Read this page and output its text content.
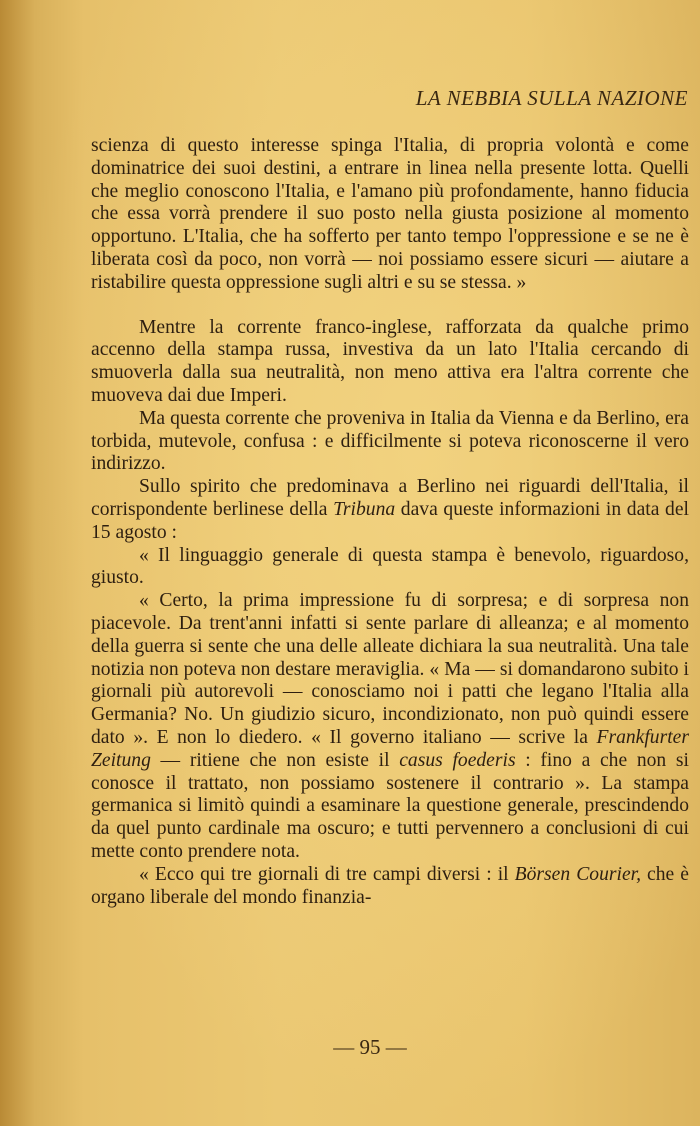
LA NEBBIA SULLA NAZIONE

scienza di questo interesse spinga l'Italia, di propria volontà e come dominatrice dei suoi destini, a entrare in linea nella presente lotta. Quelli che meglio conoscono l'Italia, e l'amano più profondamente, hanno fiducia che essa vorrà prendere il suo posto nella giusta posizione al momento opportuno. L'Italia, che ha sofferto per tanto tempo l'oppressione e se ne è liberata così da poco, non vorrà — noi possiamo essere sicuri — aiutare a ristabilire questa oppressione sugli altri e su se stessa. »

Mentre la corrente franco-inglese, rafforzata da qualche primo accenno della stampa russa, investiva da un lato l'Italia cercando di smuoverla dalla sua neutralità, non meno attiva era l'altra corrente che muoveva dai due Imperi.

Ma questa corrente che proveniva in Italia da Vienna e da Berlino, era torbida, mutevole, confusa : e difficilmente si poteva riconoscerne il vero indirizzo.

Sullo spirito che predominava a Berlino nei riguardi dell'Italia, il corrispondente berlinese della Tribuna dava queste informazioni in data del 15 agosto :

« Il linguaggio generale di questa stampa è benevolo, riguardoso, giusto.

« Certo, la prima impressione fu di sorpresa; e di sorpresa non piacevole. Da trent'anni infatti si sente parlare di alleanza; e al momento della guerra si sente che una delle alleate dichiara la sua neutralità. Una tale notizia non poteva non destare meraviglia. « Ma — si domandarono subito i giornali più autorevoli — conosciamo noi i patti che legano l'Italia alla Germania? No. Un giudizio sicuro, incondizionato, non può quindi essere dato ». E non lo diedero. « Il governo italiano — scrive la Frankfurter Zeitung — ritiene che non esiste il casus foederis : fino a che non si conosce il trattato, non possiamo sostenere il contrario ». La stampa germanica si limitò quindi a esaminare la questione generale, prescindendo da quel punto cardinale ma oscuro; e tutti pervennero a conclusioni di cui mette conto prendere nota.

« Ecco qui tre giornali di tre campi diversi : il Börsen Courier, che è organo liberale del mondo finanzia-

— 95 —
